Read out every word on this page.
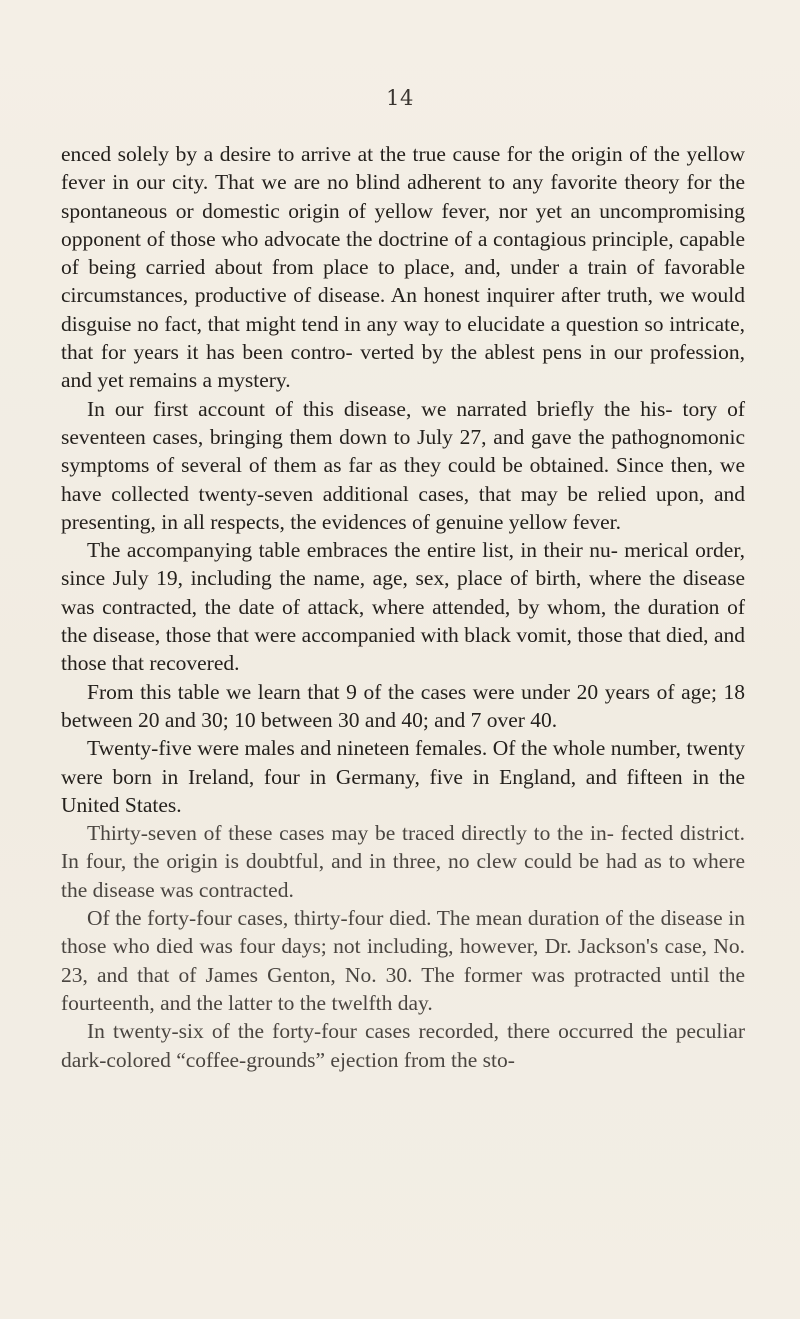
14

enced solely by a desire to arrive at the true cause for the origin of the yellow fever in our city. That we are no blind adherent to any favorite theory for the spontaneous or domestic origin of yellow fever, nor yet an uncompromising opponent of those who advocate the doctrine of a contagious principle, capable of being carried about from place to place, and, under a train of favorable circumstances, productive of disease. An honest inquirer after truth, we would disguise no fact, that might tend in any way to elucidate a question so intricate, that for years it has been contro- verted by the ablest pens in our profession, and yet remains a mystery.

In our first account of this disease, we narrated briefly the his- tory of seventeen cases, bringing them down to July 27, and gave the pathognomonic symptoms of several of them as far as they could be obtained. Since then, we have collected twenty-seven additional cases, that may be relied upon, and presenting, in all respects, the evidences of genuine yellow fever.

The accompanying table embraces the entire list, in their nu- merical order, since July 19, including the name, age, sex, place of birth, where the disease was contracted, the date of attack, where attended, by whom, the duration of the disease, those that were accompanied with black vomit, those that died, and those that recovered.

From this table we learn that 9 of the cases were under 20 years of age; 18 between 20 and 30; 10 between 30 and 40; and 7 over 40.

Twenty-five were males and nineteen females. Of the whole number, twenty were born in Ireland, four in Germany, five in England, and fifteen in the United States.

Thirty-seven of these cases may be traced directly to the in- fected district. In four, the origin is doubtful, and in three, no clew could be had as to where the disease was contracted.

Of the forty-four cases, thirty-four died. The mean duration of the disease in those who died was four days; not including, however, Dr. Jackson's case, No. 23, and that of James Genton, No. 30. The former was protracted until the fourteenth, and the latter to the twelfth day.

In twenty-six of the forty-four cases recorded, there occurred the peculiar dark-colored “coffee-grounds” ejection from the sto-
